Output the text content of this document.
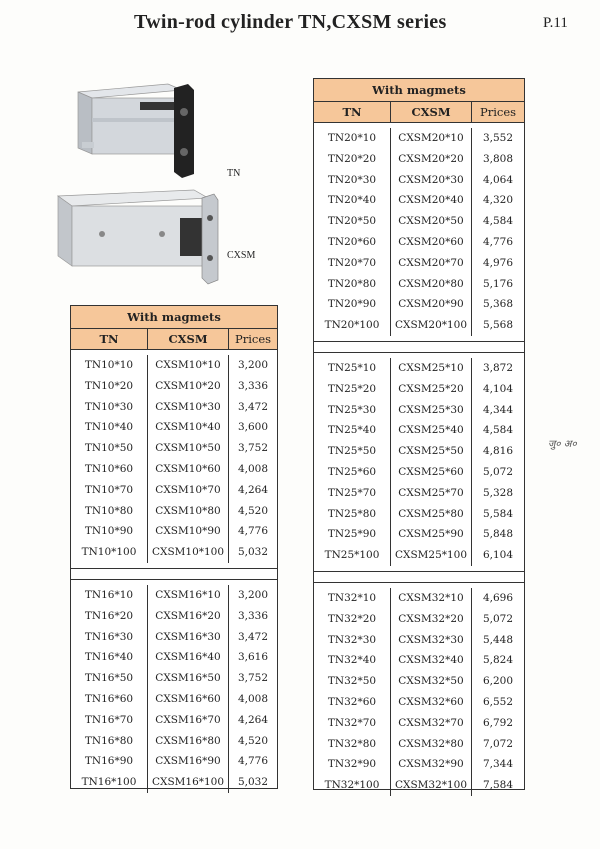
Twin-rod cylinder TN,CXSM series	P.11
TN
CXSM
जु० अ०
With magmets
TN	CXSM	Prices
TN10*10	CXSM10*10	3,200
TN10*20	CXSM10*20	3,336
TN10*30	CXSM10*30	3,472
TN10*40	CXSM10*40	3,600
TN10*50	CXSM10*50	3,752
TN10*60	CXSM10*60	4,008
TN10*70	CXSM10*70	4,264
TN10*80	CXSM10*80	4,520
TN10*90	CXSM10*90	4,776
TN10*100	CXSM10*100	5,032
TN16*10	CXSM16*10	3,200
TN16*20	CXSM16*20	3,336
TN16*30	CXSM16*30	3,472
TN16*40	CXSM16*40	3,616
TN16*50	CXSM16*50	3,752
TN16*60	CXSM16*60	4,008
TN16*70	CXSM16*70	4,264
TN16*80	CXSM16*80	4,520
TN16*90	CXSM16*90	4,776
TN16*100	CXSM16*100	5,032
With magmets
TN	CXSM	Prices
TN20*10	CXSM20*10	3,552
TN20*20	CXSM20*20	3,808
TN20*30	CXSM20*30	4,064
TN20*40	CXSM20*40	4,320
TN20*50	CXSM20*50	4,584
TN20*60	CXSM20*60	4,776
TN20*70	CXSM20*70	4,976
TN20*80	CXSM20*80	5,176
TN20*90	CXSM20*90	5,368
TN20*100	CXSM20*100	5,568
TN25*10	CXSM25*10	3,872
TN25*20	CXSM25*20	4,104
TN25*30	CXSM25*30	4,344
TN25*40	CXSM25*40	4,584
TN25*50	CXSM25*50	4,816
TN25*60	CXSM25*60	5,072
TN25*70	CXSM25*70	5,328
TN25*80	CXSM25*80	5,584
TN25*90	CXSM25*90	5,848
TN25*100	CXSM25*100	6,104
TN32*10	CXSM32*10	4,696
TN32*20	CXSM32*20	5,072
TN32*30	CXSM32*30	5,448
TN32*40	CXSM32*40	5,824
TN32*50	CXSM32*50	6,200
TN32*60	CXSM32*60	6,552
TN32*70	CXSM32*70	6,792
TN32*80	CXSM32*80	7,072
TN32*90	CXSM32*90	7,344
TN32*100	CXSM32*100	7,584
